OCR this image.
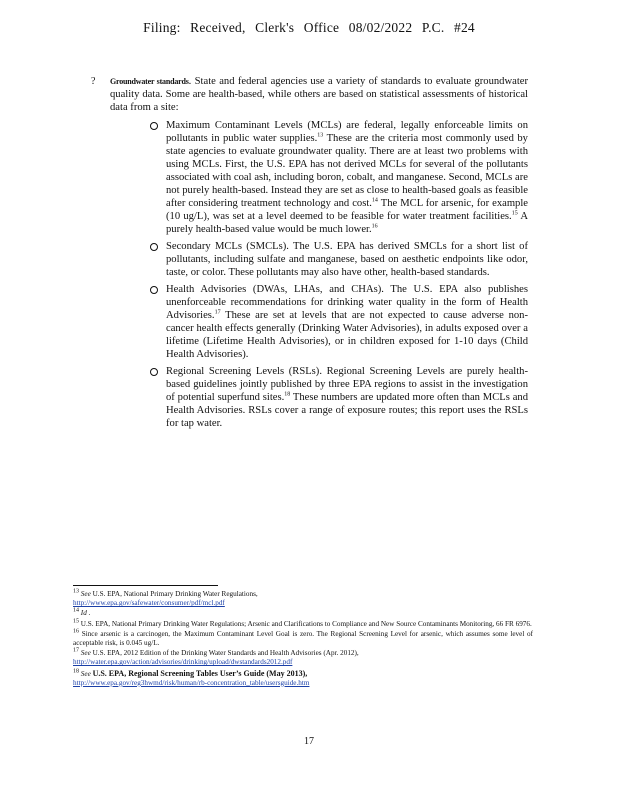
Filing: Received, Clerk's Office 08/02/2022 P.C. #24
? Groundwater standards. State and federal agencies use a variety of standards to evaluate groundwater quality data. Some are health-based, while others are based on statistical assessments of historical data from a site:
Maximum Contaminant Levels (MCLs) are federal, legally enforceable limits on pollutants in public water supplies.$^{13}$ These are the criteria most commonly used by state agencies to evaluate groundwater quality. There are at least two problems with using MCLs. First, the U.S. EPA has not derived MCLs for several of the pollutants associated with coal ash, including boron, cobalt, and manganese. Second, MCLs are not purely health-based. Instead they are set as close to health-based goals as feasible after considering treatment technology and cost.$^{14}$ The MCL for arsenic, for example (10 ug/L), was set at a level deemed to be feasible for water treatment facilities.$^{15}$ A purely health-based value would be much lower.$^{16}$
Secondary MCLs (SMCLs). The U.S. EPA has derived SMCLs for a short list of pollutants, including sulfate and manganese, based on aesthetic endpoints like odor, taste, or color. These pollutants may also have other, health-based standards.
Health Advisories (DWAs, LHAs, and CHAs). The U.S. EPA also publishes unenforceable recommendations for drinking water quality in the form of Health Advisories.$^{17}$ These are set at levels that are not expected to cause adverse non-cancer health effects generally (Drinking Water Advisories), in adults exposed over a lifetime (Lifetime Health Advisories), or in children exposed for 1-10 days (Child Health Advisories).
Regional Screening Levels (RSLs). Regional Screening Levels are purely health-based guidelines jointly published by three EPA regions to assist in the investigation of potential superfund sites.$^{18}$ These numbers are updated more often than MCLs and Health Advisories. RSLs cover a range of exposure routes; this report uses the RSLs for tap water.
$^{13}$ See U.S. EPA, National Primary Drinking Water Regulations,
http://www.epa.gov/safewater/consumer/pdf/mcl.pdf
$^{14}$ Id .
$^{15}$ U.S. EPA, National Primary Drinking Water Regulations; Arsenic and Clarifications to Compliance and New Source Contaminants Monitoring, 66 FR 6976.
$^{16}$ Since arsenic is a carcinogen, the Maximum Contaminant Level Goal is zero. The Regional Screening Level for arsenic, which assumes some level of acceptable risk, is 0.045 ug/L.
$^{17}$ See U.S. EPA, 2012 Edition of the Drinking Water Standards and Health Advisories (Apr. 2012),
http://water.epa.gov/action/advisories/drinking/upload/dwstandards2012.pdf
$^{18}$ See U.S. EPA, Regional Screening Tables User’s Guide (May 2013),
http://www.epa.gov/reg3hwmd/risk/human/rb-concentration_table/usersguide.htm
17
